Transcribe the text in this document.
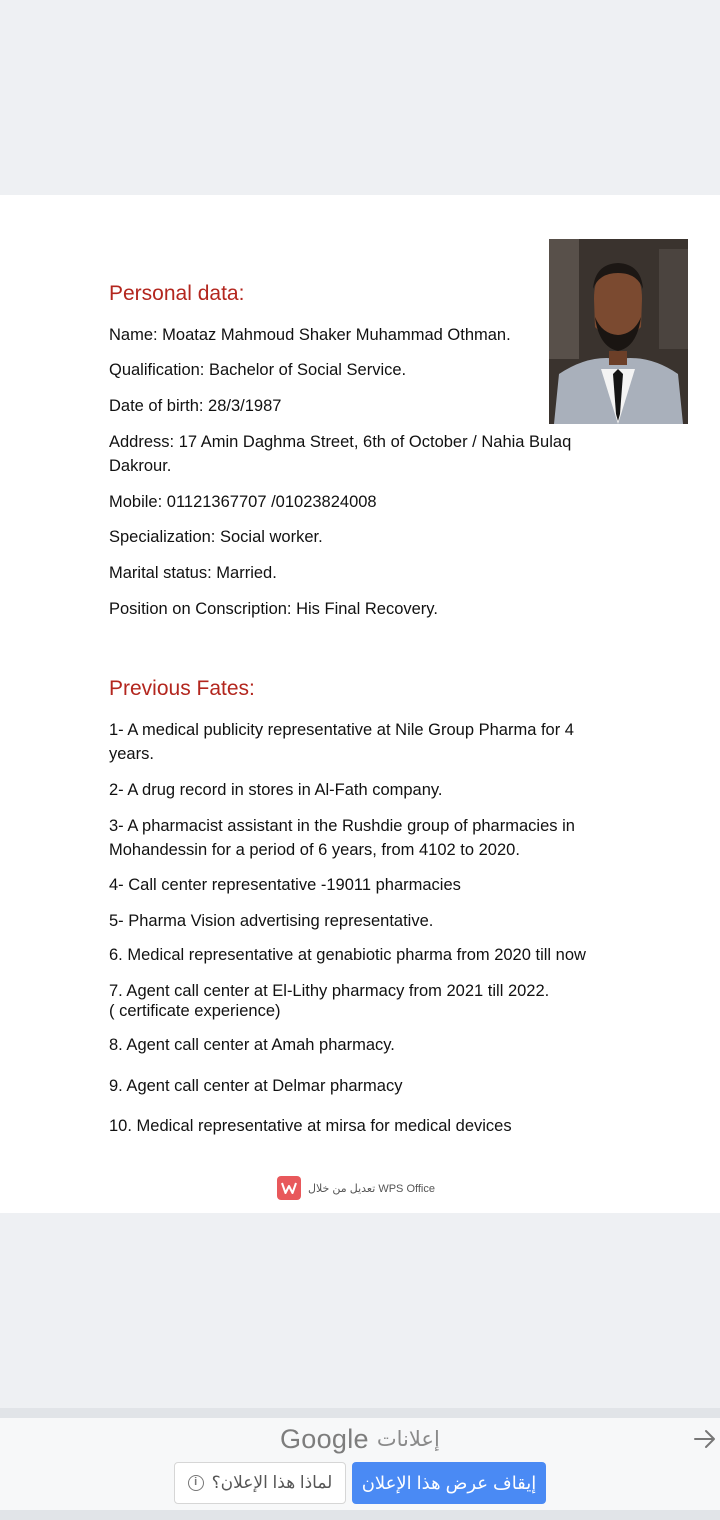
Personal data:
Name: Moataz Mahmoud Shaker Muhammad Othman.
Qualification: Bachelor of Social Service.
Date of birth: 28/3/1987
Address: 17 Amin Daghma Street, 6th of October / Nahia Bulaq Dakrour.
Mobile: 01121367707 /01023824008
Specialization: Social worker.
Marital status: Married.
Position on Conscription: His Final Recovery.
Previous Fates:
1- A medical publicity representative at Nile Group Pharma for 4 years.
2- A drug record in stores in Al-Fath company.
3- A pharmacist assistant in the Rushdie group of pharmacies in Mohandessin for a period of 6 years, from 4102 to 2020.
4- Call center representative -19011 pharmacies
5- Pharma Vision advertising representative.
6. Medical representative at genabiotic pharma from 2020 till now
7. Agent call center at El-Lithy pharmacy from 2021 till 2022.
( certificate experience)
8. Agent call center at Amah pharmacy.
9. Agent call center at Delmar pharmacy
10. Medical representative at mirsa for medical devices
تعديل من خلال WPS Office
Google إعلانات
i لماذا هذا الإعلان؟	إيقاف عرض هذا الإعلان
